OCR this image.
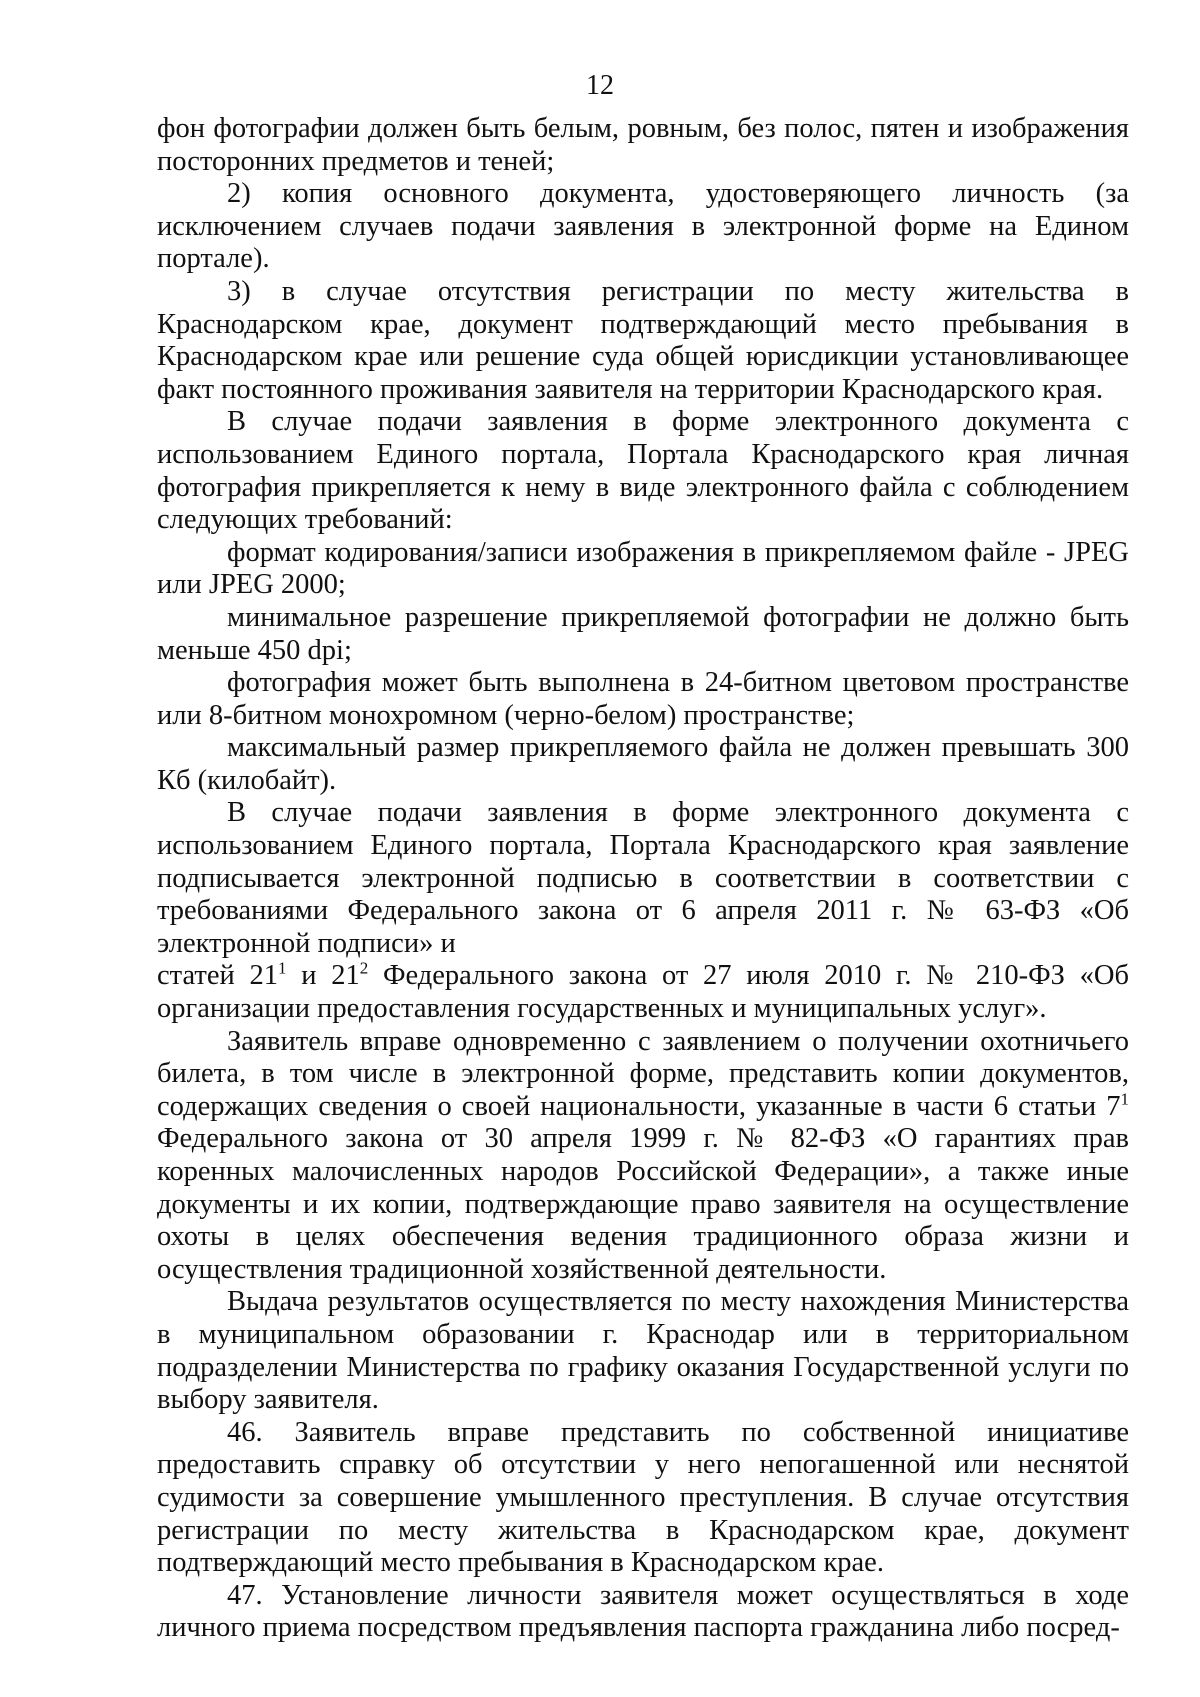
12

фон фотографии должен быть белым, ровным, без полос, пятен и изображения посторонних предметов и теней;

2) копия основного документа, удостоверяющего личность (за исключением случаев подачи заявления в электронной форме на Едином портале).

3) в случае отсутствия регистрации по месту жительства в Краснодарском крае, документ подтверждающий место пребывания в Краснодарском крае или решение суда общей юрисдикции установливающее факт постоянного проживания заявителя на территории Краснодарского края.

В случае подачи заявления в форме электронного документа с использованием Единого портала, Портала Краснодарского края личная фотография прикрепляется к нему в виде электронного файла с соблюдением следующих требований:

формат кодирования/записи изображения в прикрепляемом файле - JPEG или JPEG 2000;

минимальное разрешение прикрепляемой фотографии не должно быть меньше 450 dpi;

фотография может быть выполнена в 24-битном цветовом пространстве или 8-битном монохромном (черно-белом) пространстве;

максимальный размер прикрепляемого файла не должен превышать 300 Кб (килобайт).

В случае подачи заявления в форме электронного документа с использованием Единого портала, Портала Краснодарского края заявление подписывается электронной подписью в соответствии в соответствии с требованиями Федерального закона от 6 апреля 2011 г. № 63-ФЗ «Об электронной подписи» и

статей $21^1$ и $21^2$ Федерального закона от 27 июля 2010 г. № 210-ФЗ «Об организации предоставления государственных и муниципальных услуг».

Заявитель вправе одновременно с заявлением о получении охотничьего билета, в том числе в электронной форме, представить копии документов, содержащих сведения о своей национальности, указанные в части 6 статьи $7^1$ Федерального закона от 30 апреля 1999 г. № 82-ФЗ «О гарантиях прав коренных малочисленных народов Российской Федерации», а также иные документы и их копии, подтверждающие право заявителя на осуществление охоты в целях обеспечения ведения традиционного образа жизни и осуществления традиционной хозяйственной деятельности.

Выдача результатов осуществляется по месту нахождения Министерства в муниципальном образовании г. Краснодар или в территориальном подразделении Министерства по графику оказания Государственной услуги по выбору заявителя.

46. Заявитель вправе представить по собственной инициативе предоставить справку об отсутствии у него непогашенной или неснятой судимости за совершение умышленного преступления. В случае отсутствия регистрации по месту жительства в Краснодарском крае, документ подтверждающий место пребывания в Краснодарском крае.

47. Установление личности заявителя может осуществляться в ходе личного приема посредством предъявления паспорта гражданина либо посред-
